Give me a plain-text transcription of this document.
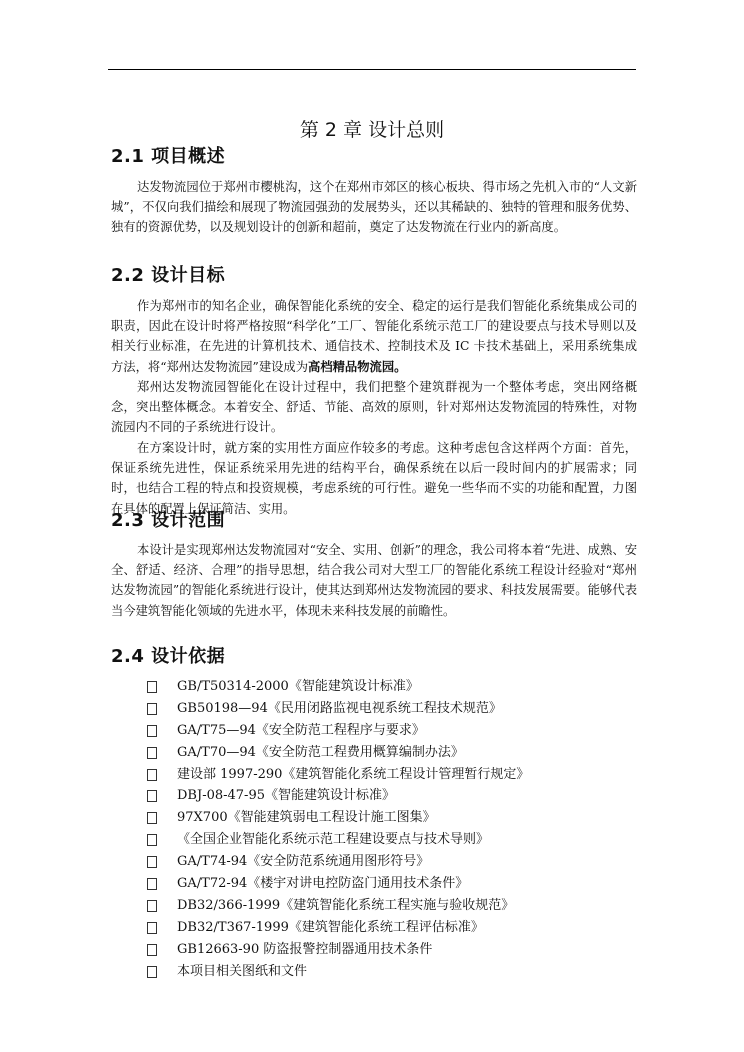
第 2 章 设计总则
2.1 项目概述

达发物流园位于郑州市樱桃沟，这个在郑州市郊区的核心板块、得市场之先机入市的“人文新城”，不仅向我们描绘和展现了物流园强劲的发展势头，还以其稀缺的、独特的管理和服务优势、独有的资源优势，以及规划设计的创新和超前，奠定了达发物流在行业内的新高度。

2.2 设计目标

作为郑州市的知名企业，确保智能化系统的安全、稳定的运行是我们智能化系统集成公司的职责，因此在设计时将严格按照“科学化”工厂、智能化系统示范工厂的建设要点与技术导则以及相关行业标准，在先进的计算机技术、通信技术、控制技术及 IC 卡技术基础上，采用系统集成方法，将“郑州达发物流园”建设成为高档精品物流园。

郑州达发物流园智能化在设计过程中，我们把整个建筑群视为一个整体考虑，突出网络概念，突出整体概念。本着安全、舒适、节能、高效的原则，针对郑州达发物流园的特殊性，对物流园内不同的子系统进行设计。

在方案设计时，就方案的实用性方面应作较多的考虑。这种考虑包含这样两个方面：首先，保证系统先进性，保证系统采用先进的结构平台，确保系统在以后一段时间内的扩展需求；同时，也结合工程的特点和投资规模，考虑系统的可行性。避免一些华而不实的功能和配置，力图在具体的配置上保证简洁、实用。

2.3 设计范围

本设计是实现郑州达发物流园对“安全、实用、创新”的理念，我公司将本着“先进、成熟、安全、舒适、经济、合理”的指导思想，结合我公司对大型工厂的智能化系统工程设计经验对“郑州达发物流园”的智能化系统进行设计，使其达到郑州达发物流园的要求、科技发展需要。能够代表当今建筑智能化领域的先进水平，体现未来科技发展的前瞻性。

2.4 设计依据
GB/T50314-2000《智能建筑设计标准》
GB50198—94《民用闭路监视电视系统工程技术规范》
GA/T75—94《安全防范工程程序与要求》
GA/T70—94《安全防范工程费用概算编制办法》
建设部 1997-290《建筑智能化系统工程设计管理暂行规定》
DBJ-08-47-95《智能建筑设计标准》
97X700《智能建筑弱电工程设计施工图集》
《全国企业智能化系统示范工程建设要点与技术导则》
GA/T74-94《安全防范系统通用图形符号》
GA/T72-94《楼宇对讲电控防盗门通用技术条件》
DB32/366-1999《建筑智能化系统工程实施与验收规范》
DB32/T367-1999《建筑智能化系统工程评估标准》
GB12663-90 防盗报警控制器通用技术条件
本项目相关图纸和文件
